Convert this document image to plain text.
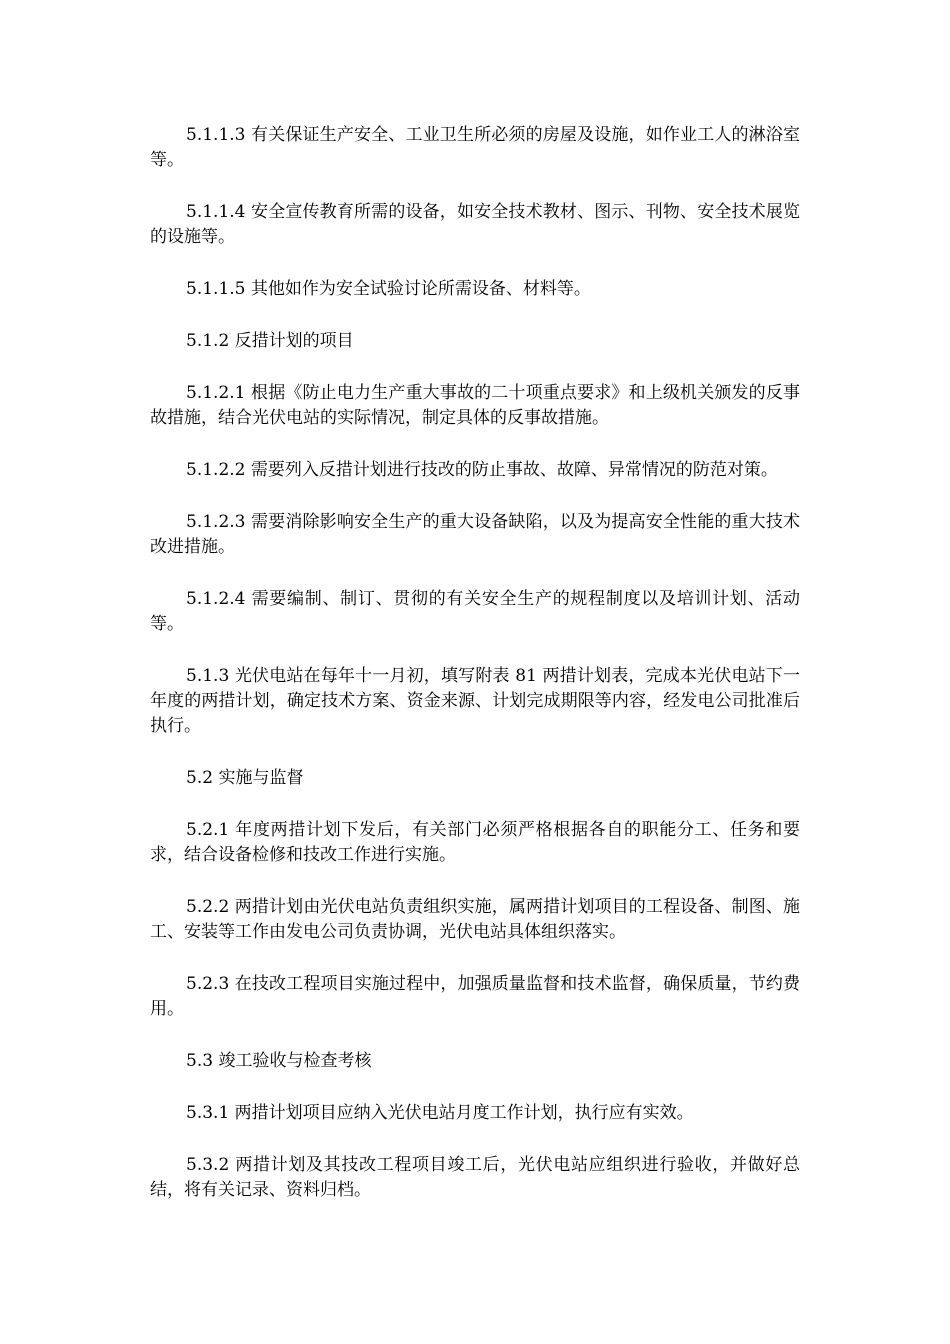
5.1.1.3 有关保证生产安全、工业卫生所必须的房屋及设施，如作业工人的淋浴室等。

5.1.1.4 安全宣传教育所需的设备，如安全技术教材、图示、刊物、安全技术展览的设施等。

5.1.1.5 其他如作为安全试验讨论所需设备、材料等。

5.1.2 反措计划的项目

5.1.2.1 根据《防止电力生产重大事故的二十项重点要求》和上级机关颁发的反事故措施，结合光伏电站的实际情况，制定具体的反事故措施。

5.1.2.2 需要列入反措计划进行技改的防止事故、故障、异常情况的防范对策。

5.1.2.3 需要消除影响安全生产的重大设备缺陷，以及为提高安全性能的重大技术改进措施。

5.1.2.4 需要编制、制订、贯彻的有关安全生产的规程制度以及培训计划、活动等。

5.1.3 光伏电站在每年十一月初，填写附表 81 两措计划表，完成本光伏电站下一年度的两措计划，确定技术方案、资金来源、计划完成期限等内容，经发电公司批准后执行。

5.2 实施与监督

5.2.1 年度两措计划下发后，有关部门必须严格根据各自的职能分工、任务和要求，结合设备检修和技改工作进行实施。

5.2.2 两措计划由光伏电站负责组织实施，属两措计划项目的工程设备、制图、施工、安装等工作由发电公司负责协调，光伏电站具体组织落实。

5.2.3 在技改工程项目实施过程中，加强质量监督和技术监督，确保质量，节约费用。

5.3 竣工验收与检查考核

5.3.1 两措计划项目应纳入光伏电站月度工作计划，执行应有实效。

5.3.2 两措计划及其技改工程项目竣工后，光伏电站应组织进行验收，并做好总结，将有关记录、资料归档。
